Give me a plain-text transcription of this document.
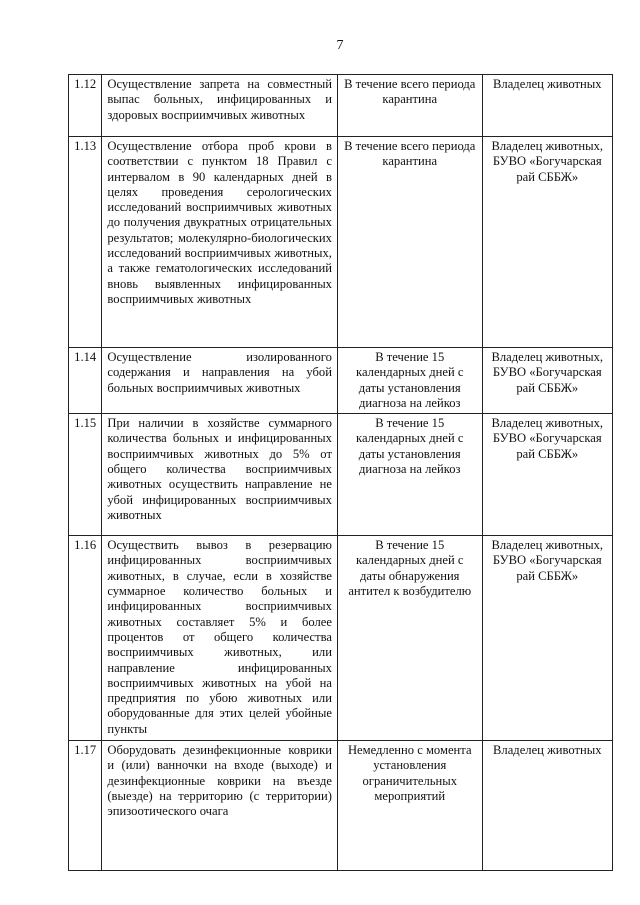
7
1.12	Осуществление запрета на совместный выпас больных, инфицированных и здоровых восприимчивых животных	В течение всего периода карантина	Владелец животных
1.13	Осуществление отбора проб крови в соответствии с пунктом 18 Правил с интервалом в 90 календарных дней в целях проведения серологических исследований восприимчивых животных до получения двукратных отрицательных результатов; молекулярно-биологических исследований восприимчивых животных, а также гематологических исследований вновь выявленных инфицированных восприимчивых животных	В течение всего периода карантина	Владелец животных, БУВО «Богучарская рай СББЖ»
1.14	Осуществление изолированного содержания и направления на убой больных восприимчивых животных	В течение 15 календарных дней с даты установления диагноза на лейкоз	Владелец животных, БУВО «Богучарская рай СББЖ»
1.15	При наличии в хозяйстве суммарного количества больных и инфицированных восприимчивых животных до 5% от общего количества восприимчивых животных осуществить направление не убой инфицированных восприимчивых животных	В течение 15 календарных дней с даты установления диагноза на лейкоз	Владелец животных, БУВО «Богучарская рай СББЖ»
1.16	Осуществить вывоз в резервацию инфицированных восприимчивых животных, в случае, если в хозяйстве суммарное количество больных и инфицированных восприимчивых животных составляет 5% и более процентов от общего количества восприимчивых животных, или направление инфицированных восприимчивых животных на убой на предприятия по убою животных или оборудованные для этих целей убойные пункты	В течение 15 календарных дней с даты обнаружения антител к возбудителю	Владелец животных, БУВО «Богучарская рай СББЖ»
1.17	Оборудовать дезинфекционные коврики и (или) ванночки на входе (выходе) и дезинфекционные коврики на въезде (выезде) на территорию (с территории) эпизоотического очага	Немедленно с момента установления ограничительных мероприятий	Владелец животных
